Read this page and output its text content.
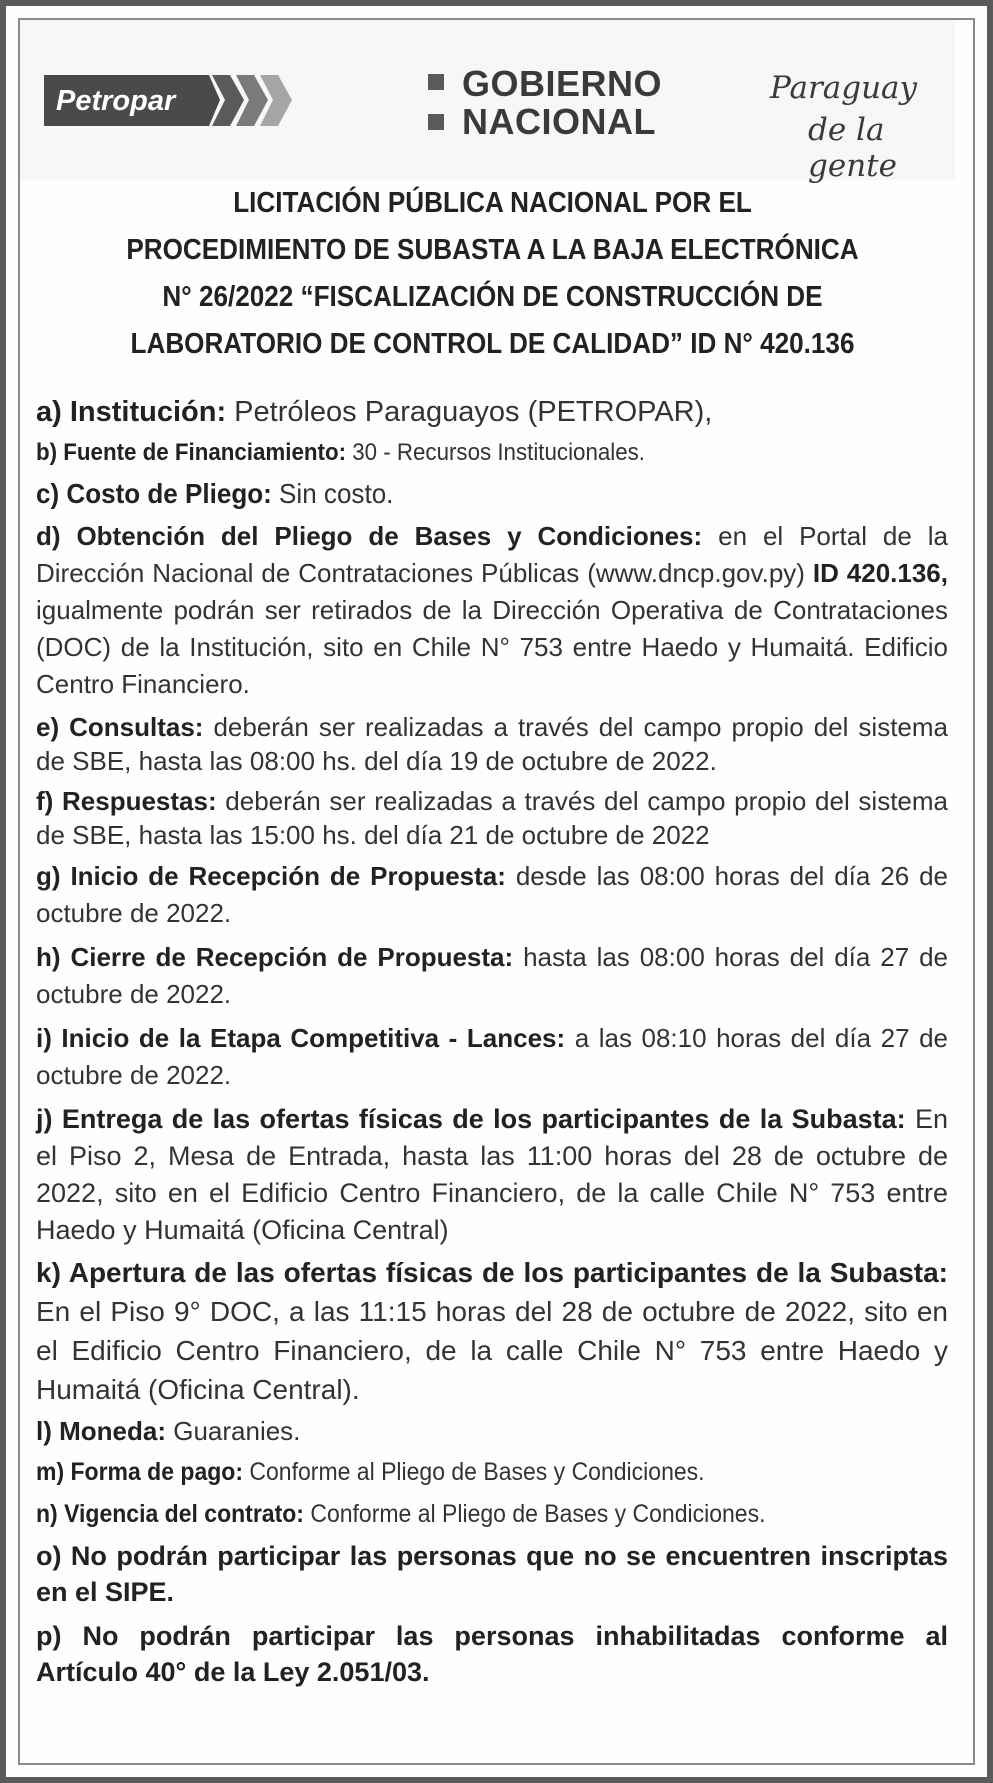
Petropar	GOBIERNO
NACIONAL
Paraguay
de la gente
LICITACIÓN PÚBLICA NACIONAL POR EL
PROCEDIMIENTO DE SUBASTA A LA BAJA ELECTRÓNICA
N° 26/2022 “FISCALIZACIÓN DE CONSTRUCCIÓN DE
LABORATORIO DE CONTROL DE CALIDAD” ID N° 420.136

a) Institución: Petróleos Paraguayos (PETROPAR),

b) Fuente de Financiamiento: 30 - Recursos Institucionales.

c) Costo de Pliego: Sin costo.

d) Obtención del Pliego de Bases y Condiciones: en el Portal de la Dirección Nacional de Contrataciones Públicas (www.dncp.gov.py) ID 420.136, igualmente podrán ser retirados de la Dirección Operativa de Contrataciones (DOC) de la Institución, sito en Chile N° 753 entre Haedo y Humaitá. Edificio Centro Financiero.

e) Consultas: deberán ser realizadas a través del campo propio del sistema de SBE, hasta las 08:00 hs. del día 19 de octubre de 2022.

f) Respuestas: deberán ser realizadas a través del campo propio del sistema de SBE, hasta las 15:00 hs. del día 21 de octubre de 2022

g) Inicio de Recepción de Propuesta: desde las 08:00 horas del día 26 de octubre de 2022.

h) Cierre de Recepción de Propuesta: hasta las 08:00 horas del día 27 de octubre de 2022.

i) Inicio de la Etapa Competitiva - Lances: a las 08:10 horas del día 27 de octubre de 2022.

j) Entrega de las ofertas físicas de los participantes de la Subasta: En el Piso 2, Mesa de Entrada, hasta las 11:00 horas del 28 de octubre de 2022, sito en el Edificio Centro Financiero, de la calle Chile N° 753 entre Haedo y Humaitá (Oficina Central)

k) Apertura de las ofertas físicas de los participantes de la Subasta: En el Piso 9° DOC, a las 11:15 horas del 28 de octubre de 2022, sito en el Edificio Centro Financiero, de la calle Chile N° 753 entre Haedo y Humaitá (Oficina Central).

l) Moneda: Guaranies.

m) Forma de pago: Conforme al Pliego de Bases y Condiciones.

n) Vigencia del contrato: Conforme al Pliego de Bases y Condiciones.

o) No podrán participar las personas que no se encuentren inscriptas en el SIPE.

p) No podrán participar las personas inhabilitadas conforme al Artículo 40° de la Ley 2.051/03.
